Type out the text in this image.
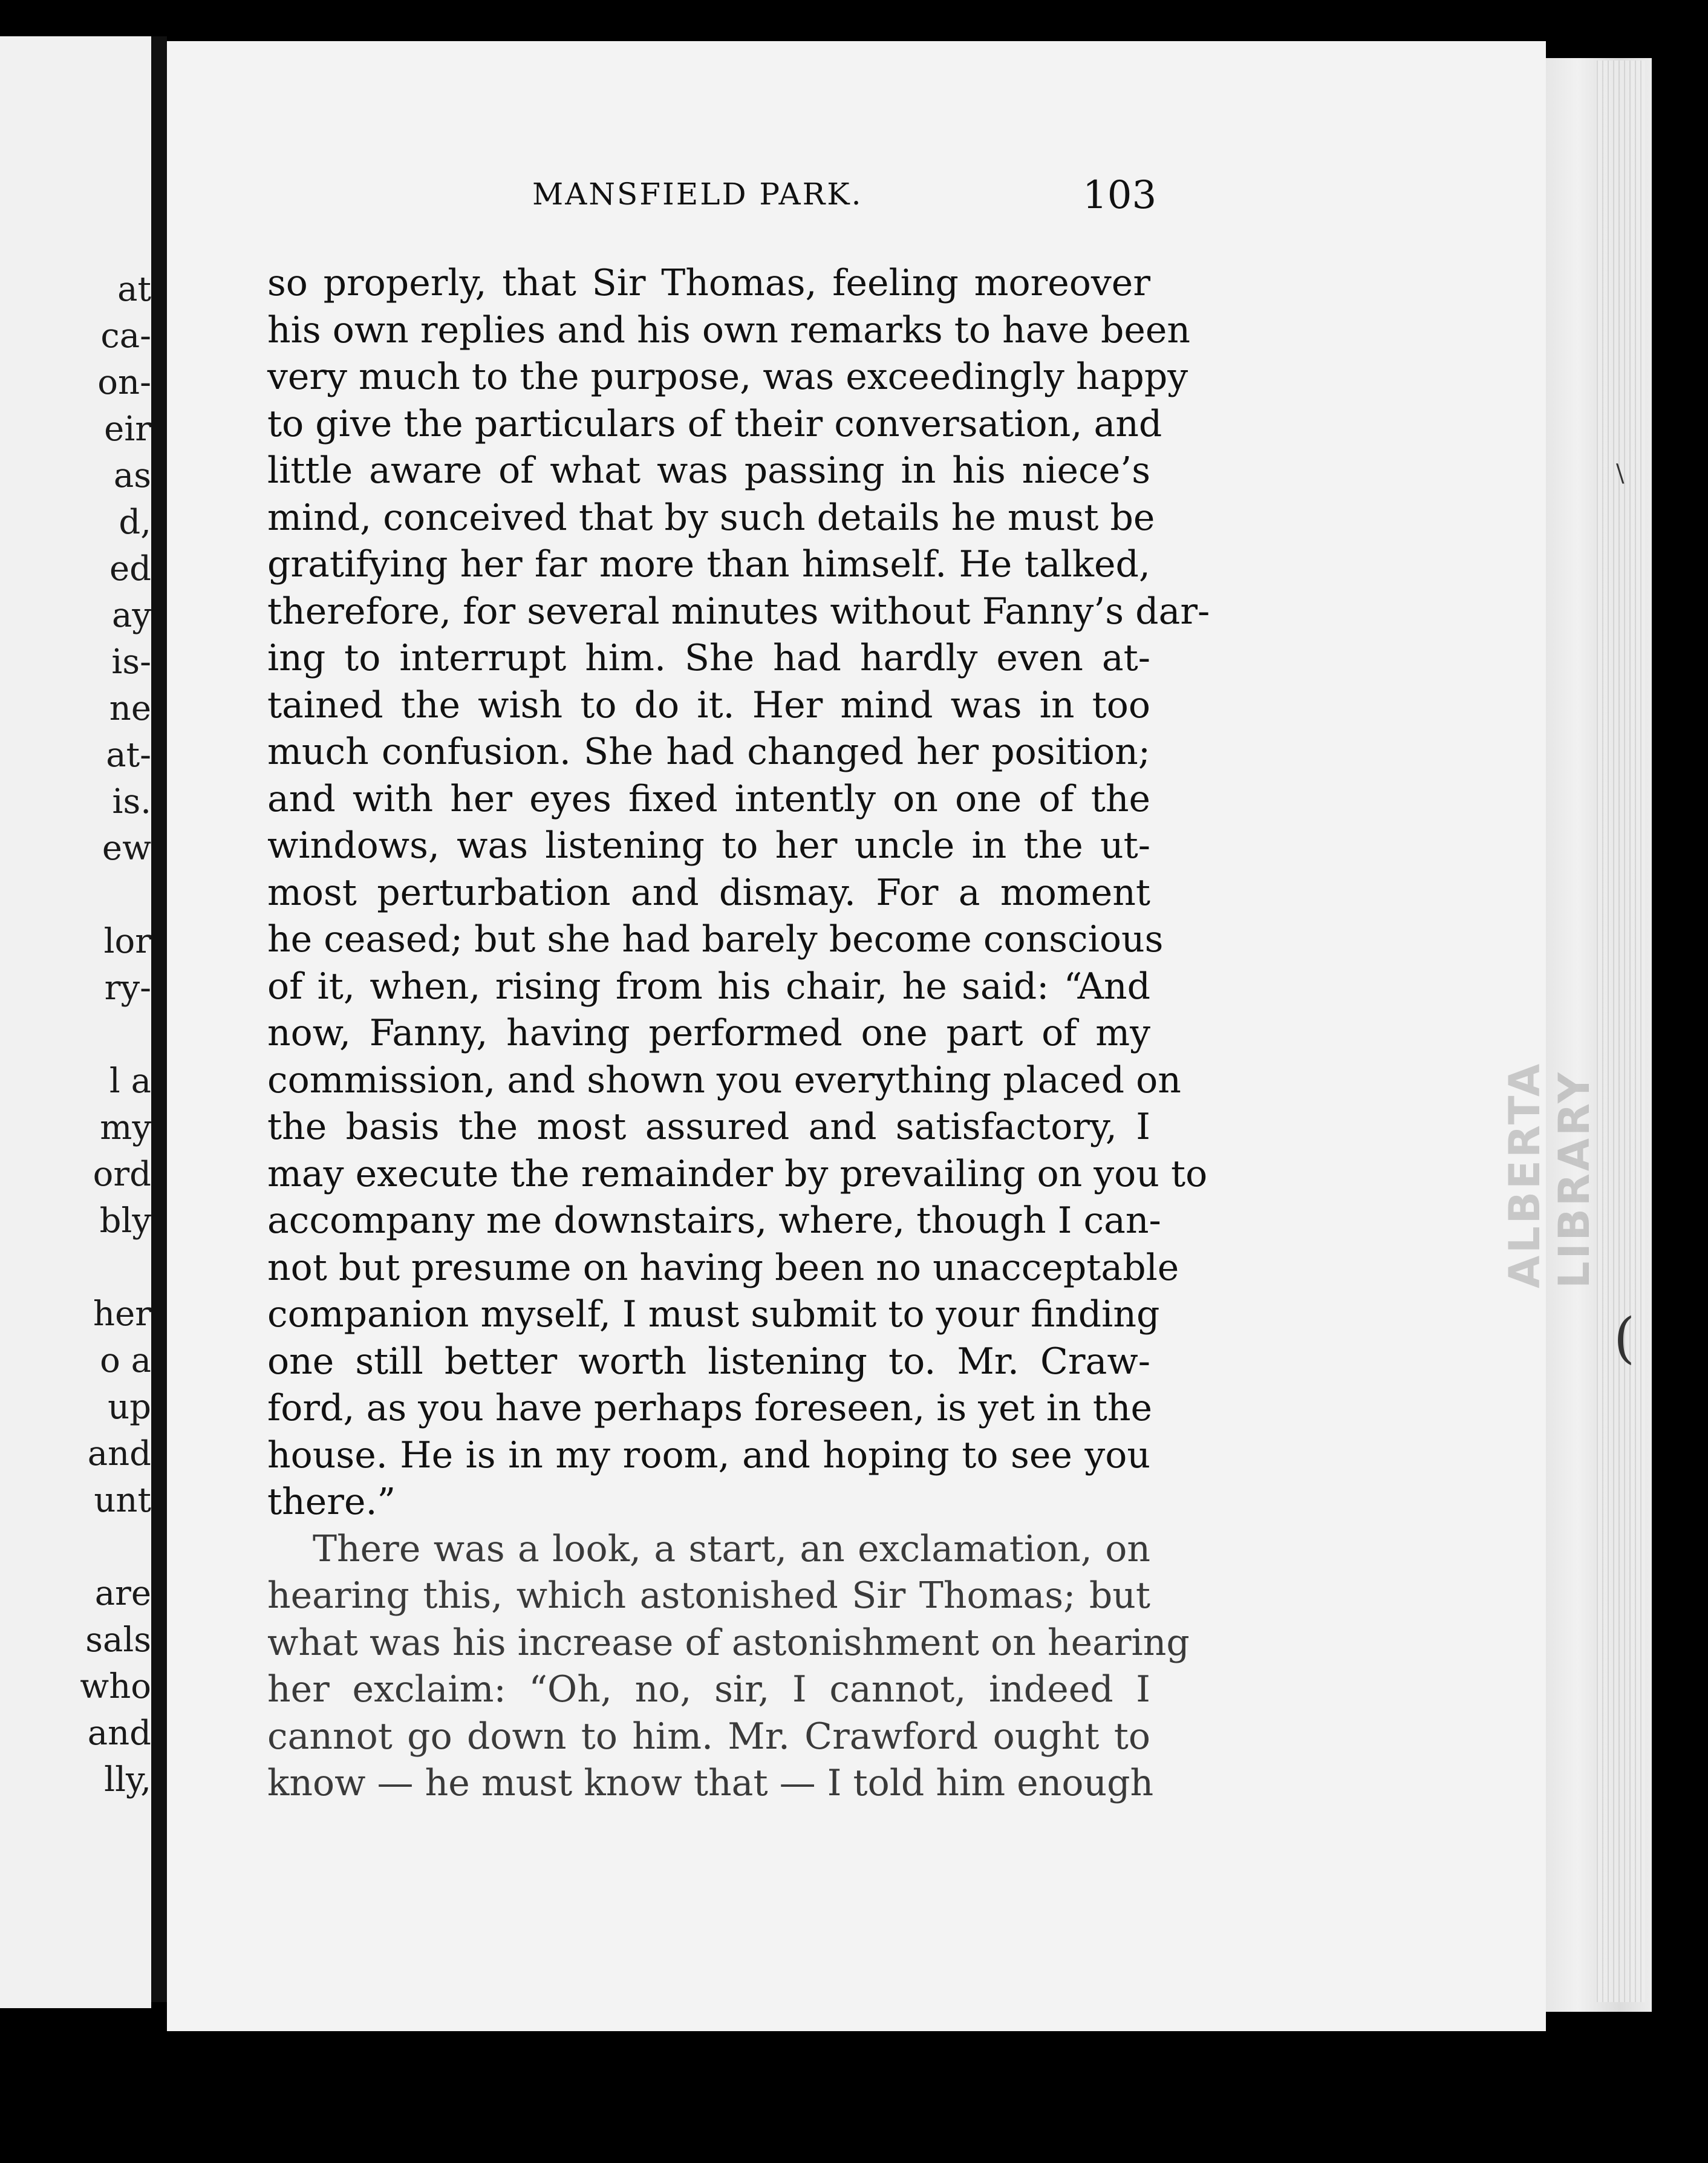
at
ca-
on-
eir
as
d,
ed
ay
is-
ne
at-
is.
ew
lor
ry-
l a
my
ord
bly
her
o a
up
and
unt
are
sals
who
and
lly,
ALBERTA LIBRARY
\
(
MANSFIELD PARK.	103
so properly, that Sir Thomas, feeling moreover
his own replies and his own remarks to have been
very much to the purpose, was exceedingly happy
to give the particulars of their conversation, and
little aware of what was passing in his niece’s
mind, conceived that by such details he must be
gratifying her far more than himself. He talked,
therefore, for several minutes without Fanny’s dar-
ing to interrupt him. She had hardly even at-
tained the wish to do it. Her mind was in too
much confusion. She had changed her position;
and with her eyes fixed intently on one of the
windows, was listening to her uncle in the ut-
most perturbation and dismay. For a moment
he ceased; but she had barely become conscious
of it, when, rising from his chair, he said: “And
now, Fanny, having performed one part of my
commission, and shown you everything placed on
the basis the most assured and satisfactory, I
may execute the remainder by prevailing on you to
accompany me downstairs, where, though I can-
not but presume on having been no unacceptable
companion myself, I must submit to your finding
one still better worth listening to. Mr. Craw-
ford, as you have perhaps foreseen, is yet in the
house. He is in my room, and hoping to see you
there.”
There was a look, a start, an exclamation, on
hearing this, which astonished Sir Thomas; but
what was his increase of astonishment on hearing
her exclaim: “Oh, no, sir, I cannot, indeed I
cannot go down to him. Mr. Crawford ought to
know — he must know that — I told him enough
